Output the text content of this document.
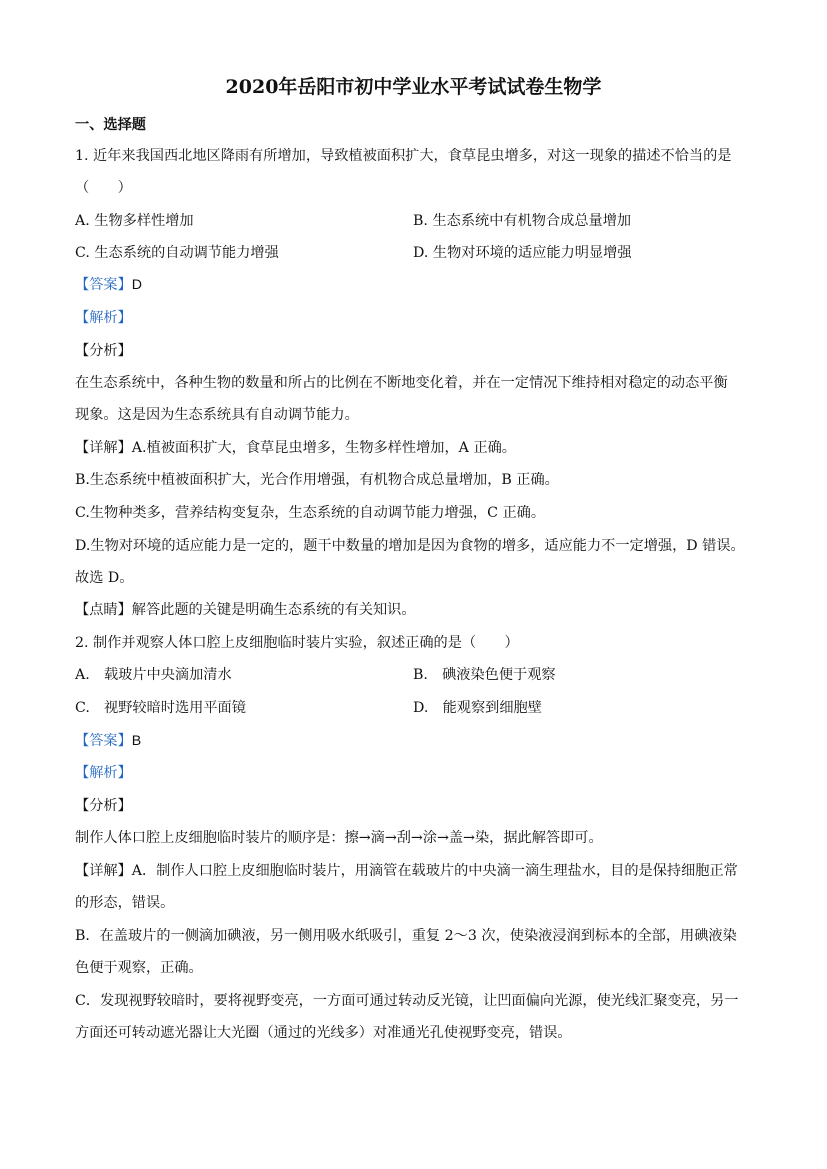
2020年岳阳市初中学业水平考试试卷生物学
一、选择题
1. 近年来我国西北地区降雨有所增加，导致植被面积扩大，食草昆虫增多，对这一现象的描述不恰当的是
（　　）
A. 生物多样性增加	B. 生态系统中有机物合成总量增加
C. 生态系统的自动调节能力增强	D. 生物对环境的适应能力明显增强
【答案】D
【解析】
【分析】
在生态系统中，各种生物的数量和所占的比例在不断地变化着，并在一定情况下维持相对稳定的动态平衡
现象。这是因为生态系统具有自动调节能力。
【详解】A.植被面积扩大，食草昆虫增多，生物多样性增加，A 正确。
B.生态系统中植被面积扩大，光合作用增强，有机物合成总量增加，B 正确。
C.生物种类多，营养结构变复杂，生态系统的自动调节能力增强，C 正确。
D.生物对环境的适应能力是一定的，题干中数量的增加是因为食物的增多，适应能力不一定增强，D 错误。
故选 D。
【点睛】解答此题的关键是明确生态系统的有关知识。
2. 制作并观察人体口腔上皮细胞临时装片实验，叙述正确的是（　　）
A.　载玻片中央滴加清水	B.　碘液染色便于观察
C.　视野较暗时选用平面镜	D.　能观察到细胞壁
【答案】B
【解析】
【分析】
制作人体口腔上皮细胞临时装片的顺序是：擦→滴→刮→涂→盖→染，据此解答即可。
【详解】A．制作人口腔上皮细胞临时装片，用滴管在载玻片的中央滴一滴生理盐水，目的是保持细胞正常
的形态，错误。
B．在盖玻片的一侧滴加碘液，另一侧用吸水纸吸引，重复 2～3 次，使染液浸润到标本的全部，用碘液染
色便于观察，正确。
C．发现视野较暗时，要将视野变亮，一方面可通过转动反光镜，让凹面偏向光源，使光线汇聚变亮，另一
方面还可转动遮光器让大光圈（通过的光线多）对准通光孔使视野变亮，错误。
